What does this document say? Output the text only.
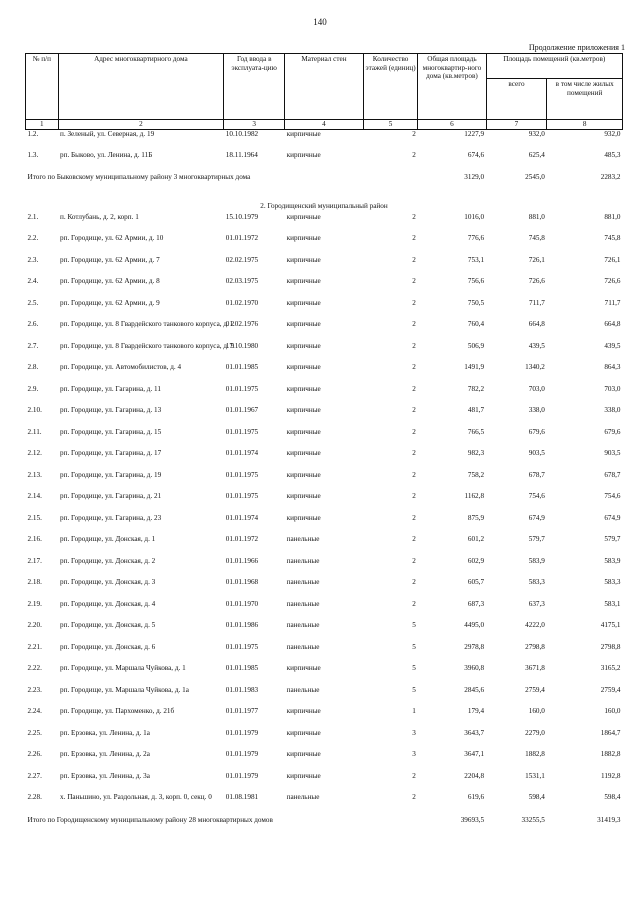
140
Продолжение приложения 1
№ п/п	Адрес многоквартирного дома	Год ввода в эксплуата-цию	Материал стен	Количество этажей (единиц)	Общая площадь многоквартир-ного дома (кв.метров)	Площадь помещений (кв.метров)	
						всего	в том числе жилых помещений
1	2	3	4	5	6	7	8
1.2.	п. Зеленый, ул. Северная, д. 19	10.10.1982	кирпичные	2	1227,9	932,0	932,0
1.3.	рп. Быково, ул. Ленина, д. 11Б	18.11.1964	кирпичные	2	674,6	625,4	485,3
Итого по Быковскому муниципальному району 3 многоквартирных дома					3129,0	2545,0	2283,2
2. Городищенский муниципальный район							
2.1.	п. Котлубань, д. 2, корп. 1	15.10.1979	кирпичные	2	1016,0	881,0	881,0
2.2.	рп. Городище, ул. 62 Армии, д. 10	01.01.1972	кирпичные	2	776,6	745,8	745,8
2.3.	рп. Городище, ул. 62 Армии, д. 7	02.02.1975	кирпичные	2	753,1	726,1	726,1
2.4.	рп. Городище, ул. 62 Армии, д. 8	02.03.1975	кирпичные	2	756,6	726,6	726,6
2.5.	рп. Городище, ул. 62 Армии, д. 9	01.02.1970	кирпичные	2	750,5	711,7	711,7
2.6.	рп. Городище, ул. 8 Гвардейского танкового корпуса, д. 2	01.02.1976	кирпичные	2	760,4	664,8	664,8
2.7.	рп. Городище, ул. 8 Гвардейского танкового корпуса, д. 9	17.10.1980	кирпичные	2	506,9	439,5	439,5
2.8.	рп. Городище, ул. Автомобилистов, д. 4	01.01.1985	кирпичные	2	1491,9	1340,2	864,3
2.9.	рп. Городище, ул. Гагарина, д. 11	01.01.1975	кирпичные	2	782,2	703,0	703,0
2.10.	рп. Городище, ул. Гагарина, д. 13	01.01.1967	кирпичные	2	481,7	338,0	338,0
2.11.	рп. Городище, ул. Гагарина, д. 15	01.01.1975	кирпичные	2	766,5	679,6	679,6
2.12.	рп. Городище, ул. Гагарина, д. 17	01.01.1974	кирпичные	2	982,3	903,5	903,5
2.13.	рп. Городище, ул. Гагарина, д. 19	01.01.1975	кирпичные	2	758,2	678,7	678,7
2.14.	рп. Городище, ул. Гагарина, д. 21	01.01.1975	кирпичные	2	1162,8	754,6	754,6
2.15.	рп. Городище, ул. Гагарина, д. 23	01.01.1974	кирпичные	2	875,9	674,9	674,9
2.16.	рп. Городище, ул. Донская, д. 1	01.01.1972	панельные	2	601,2	579,7	579,7
2.17.	рп. Городище, ул. Донская, д. 2	01.01.1966	панельные	2	602,9	583,9	583,9
2.18.	рп. Городище, ул. Донская, д. 3	01.01.1968	панельные	2	605,7	583,3	583,3
2.19.	рп. Городище, ул. Донская, д. 4	01.01.1970	панельные	2	687,3	637,3	583,1
2.20.	рп. Городище, ул. Донская, д. 5	01.01.1986	панельные	5	4495,0	4222,0	4175,1
2.21.	рп. Городище, ул. Донская, д. 6	01.01.1975	панельные	5	2978,8	2798,8	2798,8
2.22.	рп. Городище, ул. Маршала Чуйкова, д. 1	01.01.1985	кирпичные	5	3960,8	3671,8	3165,2
2.23.	рп. Городище, ул. Маршала Чуйкова, д. 1а	01.01.1983	панельные	5	2845,6	2759,4	2759,4
2.24.	рп. Городище, ул. Пархоменко, д. 21б	01.01.1977	кирпичные	1	179,4	160,0	160,0
2.25.	рп. Ерзовка, ул. Ленина, д. 1а	01.01.1979	кирпичные	3	3643,7	2279,0	1864,7
2.26.	рп. Ерзовка, ул. Ленина, д. 2а	01.01.1979	кирпичные	3	3647,1	1882,8	1882,8
2.27.	рп. Ерзовка, ул. Ленина, д. 3а	01.01.1979	кирпичные	2	2204,8	1531,1	1192,8
2.28.	х. Паньшино, ул. Раздольная, д. 3, корп. 0, секц. 0	01.08.1981	панельные	2	619,6	598,4	598,4
Итого по Городищенскому муниципальному району 28 многоквартирных домов					39693,5	33255,5	31419,3
